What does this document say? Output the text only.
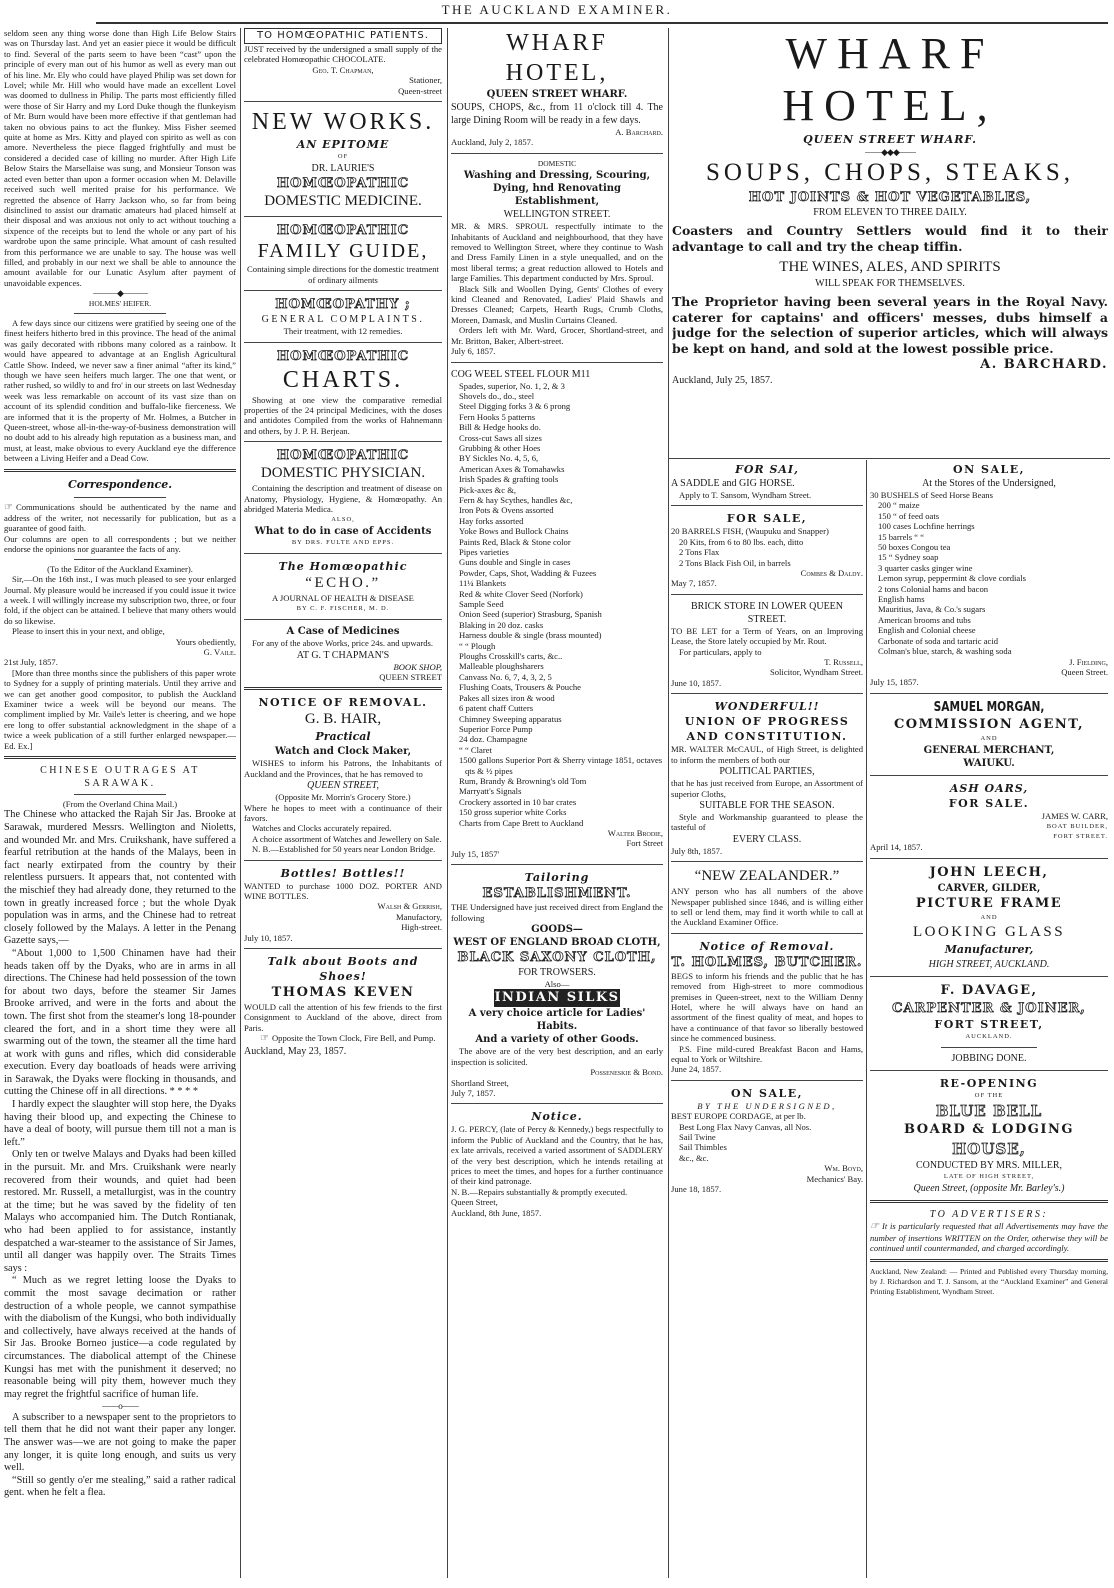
THE AUCKLAND EXAMINER.
seldom seen any thing worse done than High Life Below Stairs was on Thursday last. And yet an easier piece it would be difficult to find. Several of the parts seem to have been “cast” upon the principle of every man out of his humor as well as every man out of his line. Mr. Ely who could have played Philip was set down for Lovel; while Mr. Hill who would have made an excellent Lovel was doomed to dullness in Philip. The parts most efficiently filled were those of Sir Harry and my Lord Duke though the flunkeyism of Mr. Burn would have been more effective if that gentleman had taken no obvious pains to act the flunkey. Miss Fisher seemed quite at home as Mrs. Kitty and played con spirito as well as con amore. Nevertheless the piece flagged frightfully and must be considered a decided case of killing no murder. After High Life Below Stairs the Marsellaise was sung, and Monsieur Tonson was acted even better than upon a former occasion when M. Delaville received such well merited praise for his performance. We regretted the absence of Harry Jackson who, so far from being disinclined to assist our dramatic amateurs had placed himself at their disposal and was anxious not only to act without touching a sixpence of the receipts but to lend the whole or any part of his wardrobe upon the same principle. What amount of cash resulted from this performance we are unable to say. The house was well filled, and probably in our next we shall be able to announce the amount available for our Lunatic Asylum after payment of unavoidable expences.
———◆———
HOLMES' HEIFER.
A few days since our citizens were gratified by seeing one of the finest heifers hitherto bred in this province. The head of the animal was gaily decorated with ribbons many colored as a rainbow. It would have appeared to advantage at an English Agricultural Cattle Show. Indeed, we never saw a finer animal “after its kind,” though we have seen heifers much larger. The one that went, or rather rushed, so wildly to and fro' in our streets on last Wednesday week was less remarkable on account of its vast size than on account of its splendid condition and buffalo-like fierceness. We are informed that it is the property of Mr. Holmes, a Butcher in Queen-street, whose all-in-the-way-of-business demonstration will no doubt add to his already high reputation as a business man, and must, at least, make obvious to every Auckland eye the difference between a Living Heifer and a Dead Cow.
Correspondence.
☞ Communications should be authenticated by the name and address of the writer, not necessarily for publication, but as a guarantee of good faith.
Our columns are open to all correspondents ; but we neither endorse the opinions nor guarantee the facts of any.
(To the Editor of the Auckland Examiner).
Sir,—On the 16th inst., I was much pleased to see your enlarged Journal. My pleasure would be increased if you could issue it twice a week. I will willingly increase my subscription two, three, or four fold, if the object can be attained. I believe that many others would do so likewise.
Please to insert this in your next, and oblige,
Yours obediently,
G. Vaile.
21st July, 1857.
[More than three months since the publishers of this paper wrote to Sydney for a supply of printing materials. Until they arrive and we can get another good compositor, to publish the Auckland Examiner twice a week will be beyond our means. The compliment implied by Mr. Vaile's letter is cheering, and we hope ere long to offer substantial acknowledgment in the shape of a twice a week publication of a still further enlarged newspaper.—Ed. Ex.]
CHINESE OUTRAGES AT SARAWAK.
(From the Overland China Mail.)
The Chinese who attacked the Rajah Sir Jas. Brooke at Sarawak, murdered Messrs. Wellington and Nioletts, and wounded Mr. and Mrs. Cruikshank, have suffered a fearful retribution at the hands of the Malays, been in fact nearly extirpated from the country by their relentless pursuers. It appears that, not contented with the mischief they had already done, they returned to the town in greatly increased force ; but the whole Dyak population was in arms, and the Chinese had to retreat closely followed by the Malays. A letter in the Penang Gazette says,—
“About 1,000 to 1,500 Chinamen have had their heads taken off by the Dyaks, who are in arms in all directions. The Chinese had held possession of the town for about two days, before the steamer Sir James Brooke arrived, and were in the forts and about the town. The first shot from the steamer's long 18-pounder cleared the fort, and in a short time they were all swarming out of the town, the steamer all the time hard at work with guns and rifles, which did considerable execution. Every day boatloads of heads were arriving in Sarawak, the Dyaks were flocking in thousands, and cutting the Chinese off in all directions. * * * *
I hardly expect the slaughter will stop here, the Dyaks having their blood up, and expecting the Chinese to have a deal of booty, will pursue them till not a man is left.”
Only ten or twelve Malays and Dyaks had been killed in the pursuit. Mr. and Mrs. Cruikshank were nearly recovered from their wounds, and quiet had been restored. Mr. Russell, a metallurgist, was in the country at the time; but he was saved by the fidelity of ten Malays who accompanied him. The Dutch Rontianak, who had been applied to for assistance, instantly despatched a war-steamer to the assistance of Sir James, until all danger was happily over. The Straits Times says :
“ Much as we regret letting loose the Dyaks to commit the most savage decimation or rather destruction of a whole people, we cannot sympathise with the diabolism of the Kungsi, who both individually and collectively, have always received at the hands of Sir Jas. Brooke Borneo justice—a code regulated by circumstances. The diabolical attempt of the Chinese Kungsi has met with the punishment it deserved; no reasonable being will pity them, however much they may regret the frightful sacrifice of human life.
——o——
A subscriber to a newspaper sent to the proprietors to tell them that he did not want their paper any longer. The answer was—we are not going to make the paper any longer, it is quite long enough, and suits us very well.
“Still so gently o'er me stealing,” said a rather radical gent. when he felt a flea.
TO HOMŒOPATHIC PATIENTS.
JUST received by the undersigned a small supply of the celebrated Homœopathic CHOCOLATE.
Geo. T. Chapman,
Stationer,
Queen-street
NEW WORKS.
AN EPITOME
OF
DR. LAURIE'S
HOMŒOPATHIC
DOMESTIC MEDICINE.
HOMŒOPATHIC
FAMILY GUIDE,
Containing simple directions for the domestic treatment of ordinary ailments
HOMŒOPATHY ;
GENERAL COMPLAINTS.
Their treatment, with 12 remedies.
HOMŒOPATHIC
CHARTS.
Showing at one view the comparative remedial properties of the 24 principal Medicines, with the doses and antidotes Compiled from the works of Hahnemann and others, by J. P. H. Berjean.
HOMŒOPATHIC
DOMESTIC PHYSICIAN.
Containing the description and treatment of disease on Anatomy, Physiology, Hygiene, & Homœopathy. An abridged Materia Medica.
ALSO,
What to do in case of Accidents
BY DRS. FULTE AND EPPS.
The Homœopathic
“ECHO.”
A JOURNAL OF HEALTH & DISEASE
BY C. F. FISCHER, M. D.
A Case of Medicines
For any of the above Works, price 24s. and upwards.
AT G. T CHAPMAN'S
BOOK SHOP,
QUEEN STREET
NOTICE OF REMOVAL.
G. B. HAIR,
Practical
Watch and Clock Maker,
WISHES to inform his Patrons, the Inhabitants of Auckland and the Provinces, that he has removed to
QUEEN STREET,
(Opposite Mr. Morrin's Grocery Store.)
Where he hopes to meet with a continuance of their favors.
Watches and Clocks accurately repaired.
A choice assortment of Watches and Jewellery on Sale.
N. B.—Established for 50 years near London Bridge.
Bottles! Bottles!!
WANTED to purchase 1000 DOZ. PORTER AND WINE BOTTLES.
Walsh & Gerrish,
Manufactory,
High-street.
July 10, 1857.
Talk about Boots and Shoes!
THOMAS KEVEN
WOULD call the attention of his few friends to the first Consignment to Auckland of the above, direct from Paris.
☞ Opposite the Town Clock, Fire Bell, and Pump.
Auckland, May 23, 1857.
WHARF HOTEL,
QUEEN STREET WHARF.
SOUPS, CHOPS, &c., from 11 o'clock till 4. The large Dining Room will be ready in a few days.
A. Barchard.
Auckland, July 2, 1857.
DOMESTIC
Washing and Dressing, Scouring, Dying, hnd Renovating Establishment,
WELLINGTON STREET.
MR. & MRS. SPROUL respectfully intimate to the Inhabitants of Auckland and neighbourhood, that they have removed to Wellington Street, where they continue to Wash and Dress Family Linen in a style unequalled, and on the most liberal terms; a great reduction allowed to Hotels and large Families. This department conducted by Mrs. Sproul.
Black Silk and Woollen Dying, Gents' Clothes of every kind Cleaned and Renovated, Ladies' Plaid Shawls and Dresses Cleaned; Carpets, Hearth Rugs, Crumb Cloths, Moreen, Damask, and Muslin Curtains Cleaned.
Orders left with Mr. Ward, Grocer, Shortland-street, and Mr. Britton, Baker, Albert-street.
July 6, 1857.
COG WEEL STEEL FLOUR M11
Spades, superior, No. 1, 2, & 3
Shovels do., do., steel
Steel Digging forks 3 & 6 prong
Fern Hooks 5 patterns
Bill & Hedge hooks do.
Cross-cut Saws all sizes
Grubbing & other Hoes
BY Sickles No. 4, 5, 6,
American Axes & Tomahawks
Irish Spades & grafting tools
Pick-axes &c &,
Fern & hay Scythes, handles &c,
Iron Pots & Ovens assorted
Hay forks assorted
Yoke Bows and Bullock Chains
Paints Red, Black & Stone color
Pipes varieties
Guns double and Single in cases
Powder, Caps, Shot, Wadding & Fuzees
11¼ Blankets
Red & white Clover Seed (Norfork)
Sample Seed
Onion Seed (superior) Strasburg, Spanish
Blaking in 20 doz. casks
Harness double & single (brass mounted)
“ “ Plough
Ploughs Crosskill's carts, &c..
Malleable ploughsharers
Canvass No. 6, 7, 4, 3, 2, 5
Flushing Coats, Trousers & Pouche
Pakes all sizes iron & wood
6 patent chaff Cutters
Chimney Sweeping apparatus
Superior Force Pump
24 doz. Champagne
“ “ Claret
1500 gallons Superior Port & Sherry vintage 1851, octaves qts & ½ pipes
Rum, Brandy & Browning's old Tom
Marryatt's Signals
Crockery assorted in 10 bar crates
150 gross superior white Corks
Charts from Cape Brett to Auckland
Walter Brodie,
Fort Street
July 15, 1857'
Tailoring
ESTABLISHMENT.
THE Undersigned have just received direct from England the following
GOODS—
WEST OF ENGLAND BROAD CLOTH,
BLACK SAXONY CLOTH,
FOR TROWSERS.
Also—
INDIAN SILKS
A very choice article for Ladies' Habits.
And a variety of other Goods.
The above are of the very best description, and an early inspection is solicited.
Posseneskie & Bond.
Shortland Street,
July 7, 1857.
Notice.
J. G. PERCY, (late of Percy & Kennedy,) begs respectfully to inform the Public of Auckland and the Country, that he has, ex late arrivals, received a varied assortment of SADDLERY of the very best description, which he intends retailing at prices to meet the times, and hopes for a further continuance of their kind patronage.
N. B.—Repairs substantially & promptly executed.
Queen Street,
Auckland, 8th June, 1857.
WHARF HOTEL,
QUEEN STREET WHARF.
——◆◆◆——
SOUPS, CHOPS, STEAKS,
HOT JOINTS & HOT VEGETABLES,
FROM ELEVEN TO THREE DAILY.
Coasters and Country Settlers would find it to their advantage to call and try the cheap tiffin.
THE WINES, ALES, AND SPIRITS
WILL SPEAK FOR THEMSELVES.
The Proprietor having been several years in the Royal Navy. caterer for captains' and officers' messes, dubs himself a judge for the selection of superior articles, which will always be kept on hand, and sold at the lowest possible price.
A. BARCHARD.
Auckland, July 25, 1857.
FOR SAI,
A SADDLE and GIG HORSE.
Apply to T. Sansom, Wyndham Street.
FOR SALE,
20 BARRELS FISH, (Waupuku and Snapper)
20 Kits, from 6 to 80 lbs. each, ditto
2 Tons Flax
2 Tons Black Fish Oil, in barrels
Combes & Daldy.
May 7, 1857.
BRICK STORE IN LOWER QUEEN STREET.
TO BE LET for a Term of Years, on an Improving Lease, the Store lately occupied by Mr. Rout.
For particulars, apply to
T. Russell,
Solicitor, Wyndham Street.
June 10, 1857.
WONDERFUL!!
UNION OF PROGRESS AND CONSTITUTION.
MR. WALTER McCAUL, of High Street, is delighted to inform the members of both our
POLITICAL PARTIES,
that he has just received from Europe, an Assortment of superior Cloths,
SUITABLE FOR THE SEASON.
Style and Workmanship guaranteed to please the tasteful of
EVERY CLASS.
July 8th, 1857.
“NEW ZEALANDER.”
ANY person who has all numbers of the above Newspaper published since 1846, and is willing either to sell or lend them, may find it worth while to call at the Auckland Examiner Office.
Notice of Removal.
T. HOLMES, BUTCHER.
BEGS to inform his friends and the public that he has removed from High-street to more commodious premises in Queen-street, next to the William Denny Hotel, where he will always have on hand an assortment of the finest quality of meat, and hopes to have a continuance of that favor so liberally bestowed since he commenced business.
P.S. Fine mild-cured Breakfast Bacon and Hams, equal to York or Wiltshire.
June 24, 1857.
ON SALE,
BY THE UNDERSIGNED,
BEST EUROPE CORDAGE, at per lb.
Best Long Flax Navy Canvas, all Nos.
Sail Twine
Sail Thimbles
&c., &c.
Wm. Boyd,
Mechanics' Bay.
June 18, 1857.
ON SALE,
At the Stores of the Undersigned,
30 BUSHELS of Seed Horse Beans
200 “ maize
150 “ of feed oats
100 cases Lochfine herrings
15 barrels “ “
50 boxes Congou tea
15 “ Sydney soap
3 quarter casks ginger wine
Lemon syrup, peppermint & clove cordials
2 tons Colonial hams and bacon
English hams
Mauritius, Java, & Co.'s sugars
American brooms and tubs
English and Colonial cheese
Carbonate of soda and tartaric acid
Colman's blue, starch, & washing soda
J. Fielding,
Queen Street.
July 15, 1857.
SAMUEL MORGAN,
COMMISSION AGENT,
AND
GENERAL MERCHANT,
WAIUKU.
ASH OARS,
FOR SALE.
JAMES W. CARR,
BOAT BUILDER,
FORT STREET.
April 14, 1857.
JOHN LEECH,
CARVER, GILDER,
PICTURE FRAME
AND
LOOKING GLASS
Manufacturer,
HIGH STREET, AUCKLAND.
F. DAVAGE,
CARPENTER & JOINER,
FORT STREET,
AUCKLAND.
JOBBING DONE.
RE-OPENING
OF THE
BLUE BELL
BOARD & LODGING
HOUSE,
CONDUCTED BY MRS. MILLER,
LATE OF HIGH STREET,
Queen Street, (opposite Mr. Barley's.)
TO ADVERTISERS:
☞ It is particularly requested that all Advertisements may have the number of insertions WRITTEN on the Order, otherwise they will be continued until countermanded, and charged accordingly.
Auckland, New Zealand: — Printed and Published every Thursday morning, by J. Richardson and T. J. Sansom, at the “Auckland Examiner” and General Printing Establishment, Wyndham Street.
